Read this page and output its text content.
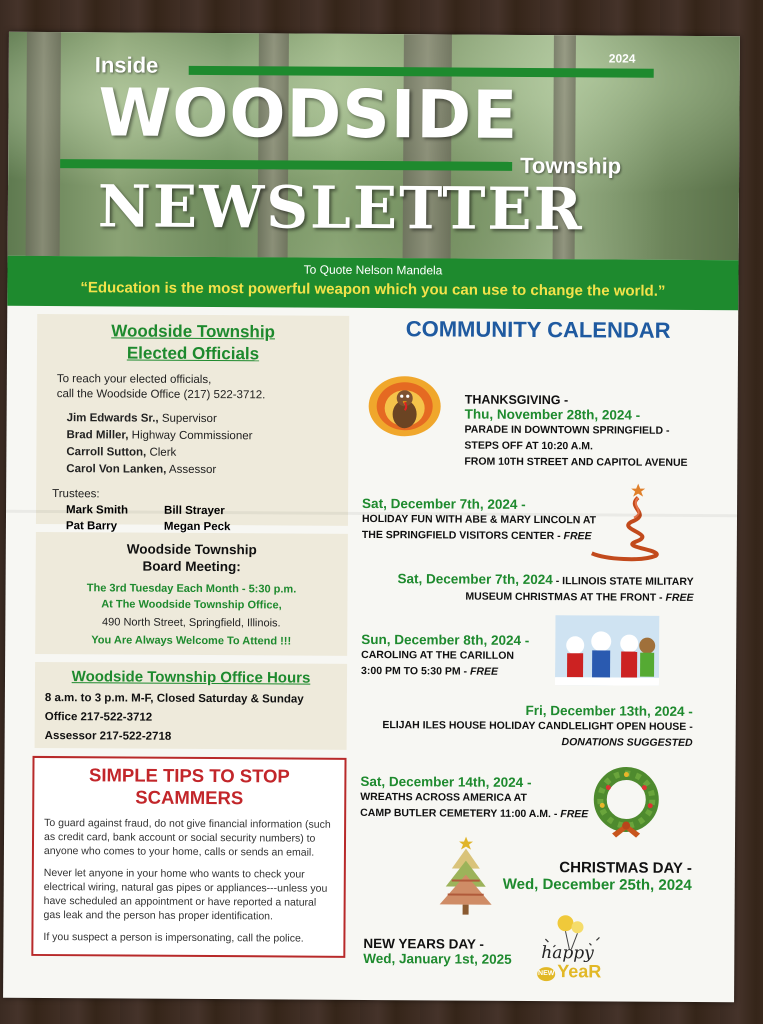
Inside	2024
WOODSIDE
Township
NEWSLETTER
To Quote Nelson Mandela
“Education is the most powerful weapon which you can use to change the world.”
Woodside Township
Elected Officials
To reach your elected officials,
call the Woodside Office (217) 522-3712.
Jim Edwards Sr., Supervisor
Brad Miller, Highway Commissioner
Carroll Sutton, Clerk
Carol Von Lanken, Assessor
Trustees:
Mark Smith	Bill Strayer
Pat Barry	Megan Peck
Woodside Township
Board Meeting:
The 3rd Tuesday Each Month - 5:30 p.m.
At The Woodside Township Office,
490 North Street, Springfield, Illinois.
You Are Always Welcome To Attend !!!
Woodside Township Office Hours
8 a.m. to 3 p.m. M-F, Closed Saturday & Sunday
Office 217-522-3712
Assessor 217-522-2718
SIMPLE TIPS TO STOP SCAMMERS
To guard against fraud, do not give financial information (such as credit card, bank account or social security numbers) to anyone who comes to your home, calls or sends an email.
Never let anyone in your home who wants to check your electrical wiring, natural gas pipes or appliances---unless you have scheduled an appointment or have reported a natural gas leak and the person has proper identification.
If you suspect a person is impersonating, call the police.
COMMUNITY CALENDAR
THANKSGIVING -
Thu, November 28th, 2024 -
PARADE IN DOWNTOWN SPRINGFIELD -
STEPS OFF AT 10:20 A.M.
FROM 10TH STREET AND CAPITOL AVENUE
Sat, December 7th, 2024 -
HOLIDAY FUN WITH ABE & MARY LINCOLN AT
THE SPRINGFIELD VISITORS CENTER - FREE
Sat, December 7th, 2024 - ILLINOIS STATE MILITARY
MUSEUM CHRISTMAS AT THE FRONT - FREE
Sun, December 8th, 2024 -
CAROLING AT THE CARILLON
3:00 PM TO 5:30 PM - FREE
Fri, December 13th, 2024 -
ELIJAH ILES HOUSE HOLIDAY CANDLELIGHT OPEN HOUSE -
DONATIONS SUGGESTED
Sat, December 14th, 2024 -
WREATHS ACROSS AMERICA AT
CAMP BUTLER CEMETERY 11:00 A.M. - FREE
CHRISTMAS DAY -
Wed, December 25th, 2024
NEW YEARS DAY -
Wed, January 1st, 2025 happy
NEW YeaR
